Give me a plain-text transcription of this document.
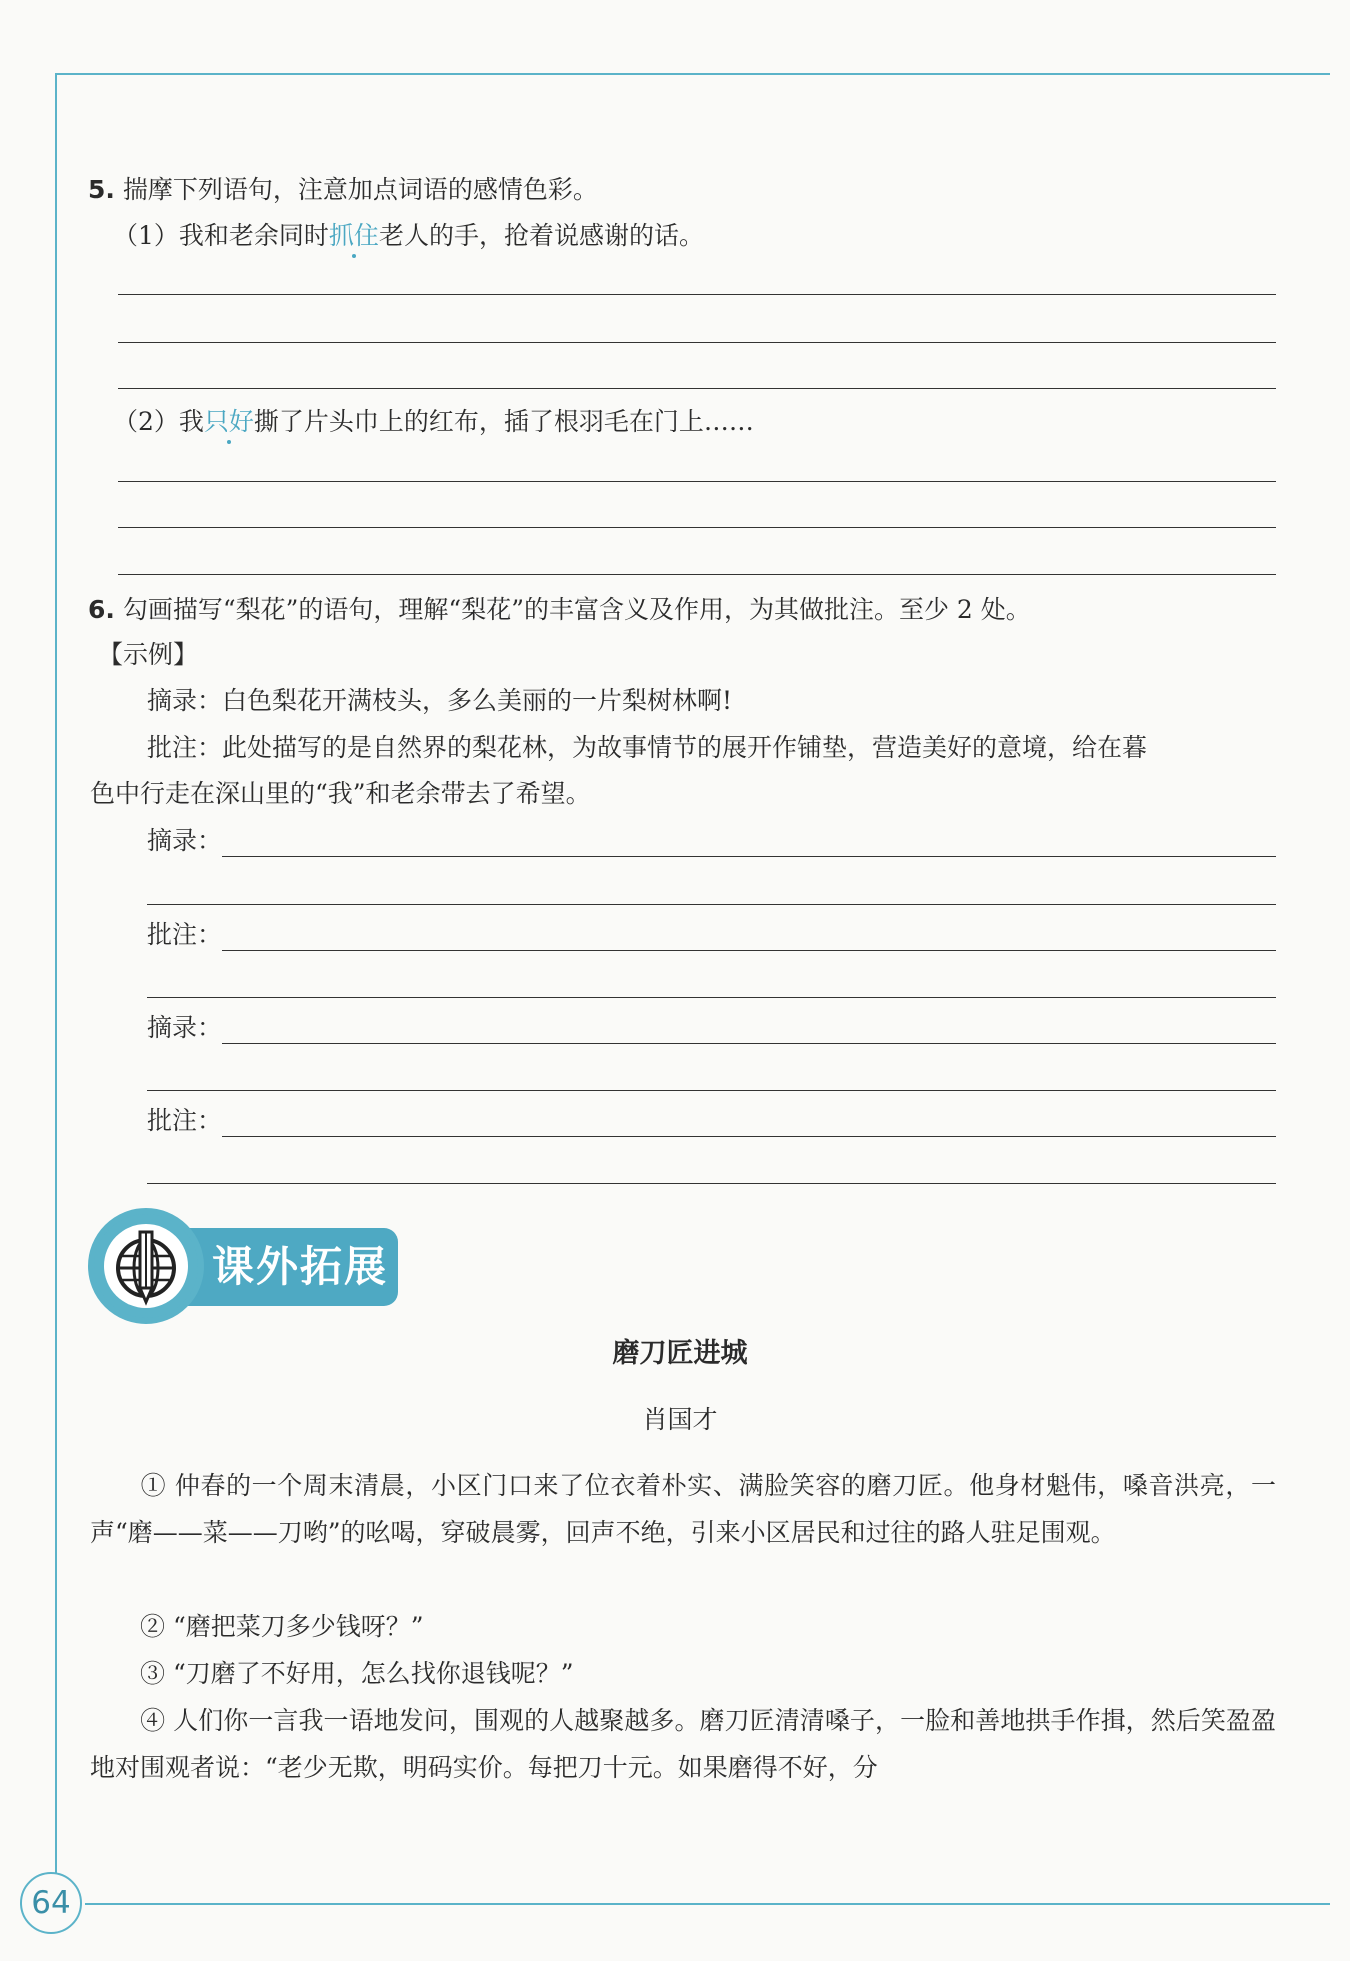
5. 揣摩下列语句，注意加点词语的感情色彩。
（1）我和老余同时抓住老人的手，抢着说感谢的话。
（2）我只好撕了片头巾上的红布，插了根羽毛在门上……
6. 勾画描写“梨花”的语句，理解“梨花”的丰富含义及作用，为其做批注。至少 2 处。
【示例】
摘录：白色梨花开满枝头，多么美丽的一片梨树林啊!
批注：此处描写的是自然界的梨花林，为故事情节的展开作铺垫，营造美好的意境，给在暮
色中行走在深山里的“我”和老余带去了希望。
摘录：
批注：
摘录：
批注：
课外拓展
磨刀匠进城
肖国才
① 仲春的一个周末清晨，小区门口来了位衣着朴实、满脸笑容的磨刀匠。他身材魁伟，嗓音洪亮，一声“磨——菜——刀哟”的吆喝，穿破晨雾，回声不绝，引来小区居民和过往的路人驻足围观。
② “磨把菜刀多少钱呀？”
③ “刀磨了不好用，怎么找你退钱呢？”
④ 人们你一言我一语地发问，围观的人越聚越多。磨刀匠清清嗓子，一脸和善地拱手作揖，然后笑盈盈地对围观者说：“老少无欺，明码实价。每把刀十元。如果磨得不好，分
64
